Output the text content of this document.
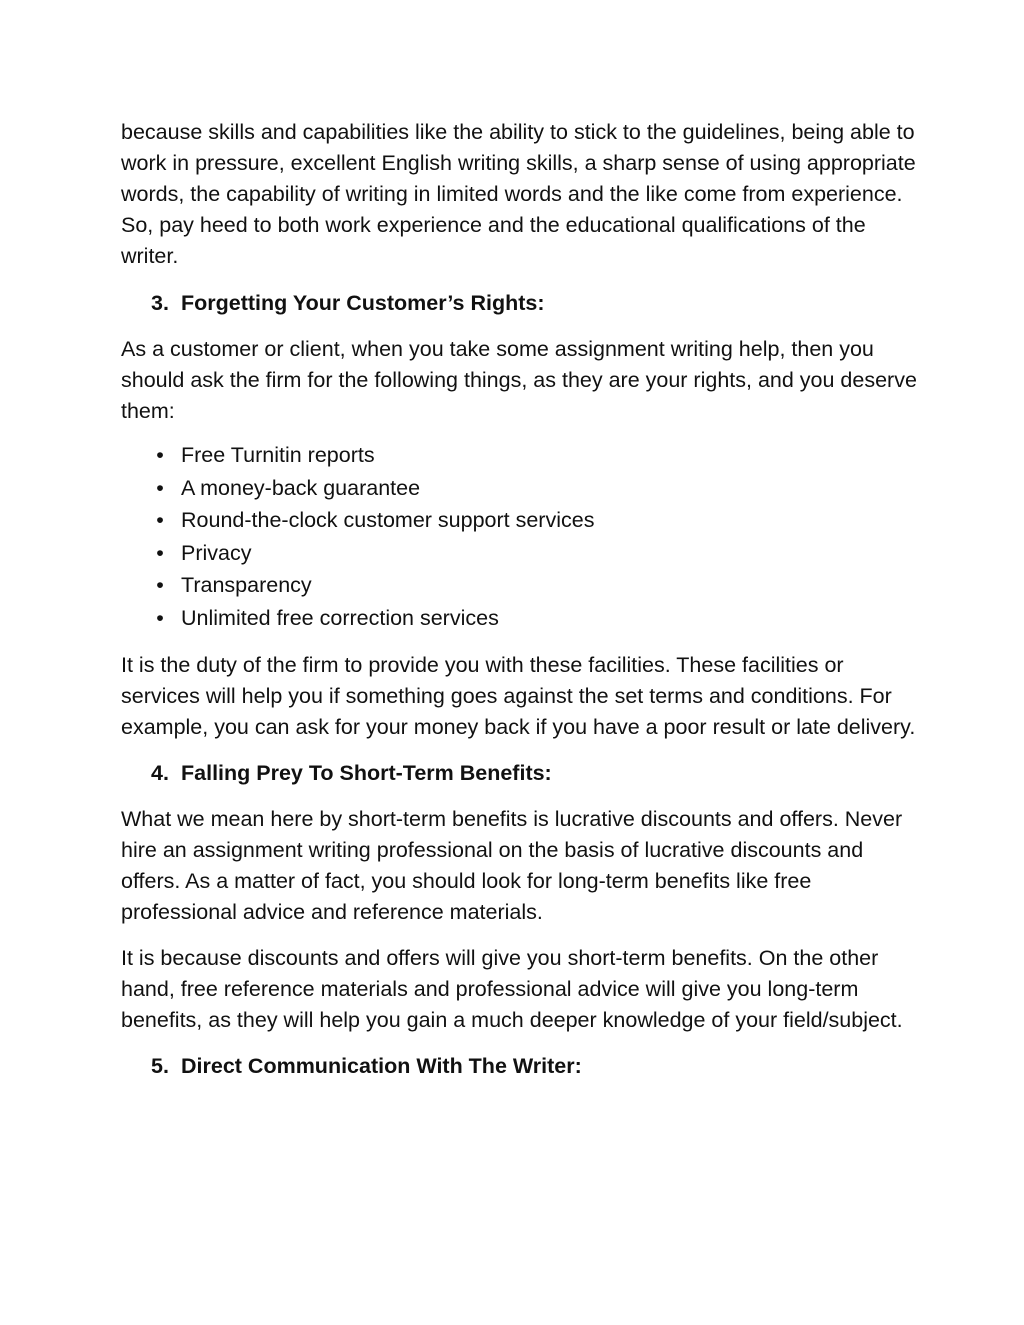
because skills and capabilities like the ability to stick to the guidelines, being able to work in pressure, excellent English writing skills, a sharp sense of using appropriate words, the capability of writing in limited words and the like come from experience. So, pay heed to both work experience and the educational qualifications of the writer.

3. Forgetting Your Customer’s Rights:

As a customer or client, when you take some assignment writing help, then you should ask the firm for the following things, as they are your rights, and you deserve them:

•
Free Turnitin reports
•
A money-back guarantee
•
Round-the-clock customer support services
•
Privacy
•
Transparency
•
Unlimited free correction services

It is the duty of the firm to provide you with these facilities. These facilities or services will help you if something goes against the set terms and conditions. For example, you can ask for your money back if you have a poor result or late delivery.

4. Falling Prey To Short-Term Benefits:

What we mean here by short-term benefits is lucrative discounts and offers. Never hire an assignment writing professional on the basis of lucrative discounts and offers. As a matter of fact, you should look for long-term benefits like free professional advice and reference materials.

It is because discounts and offers will give you short-term benefits. On the other hand, free reference materials and professional advice will give you long-term benefits, as they will help you gain a much deeper knowledge of your field/subject.

5. Direct Communication With The Writer:
